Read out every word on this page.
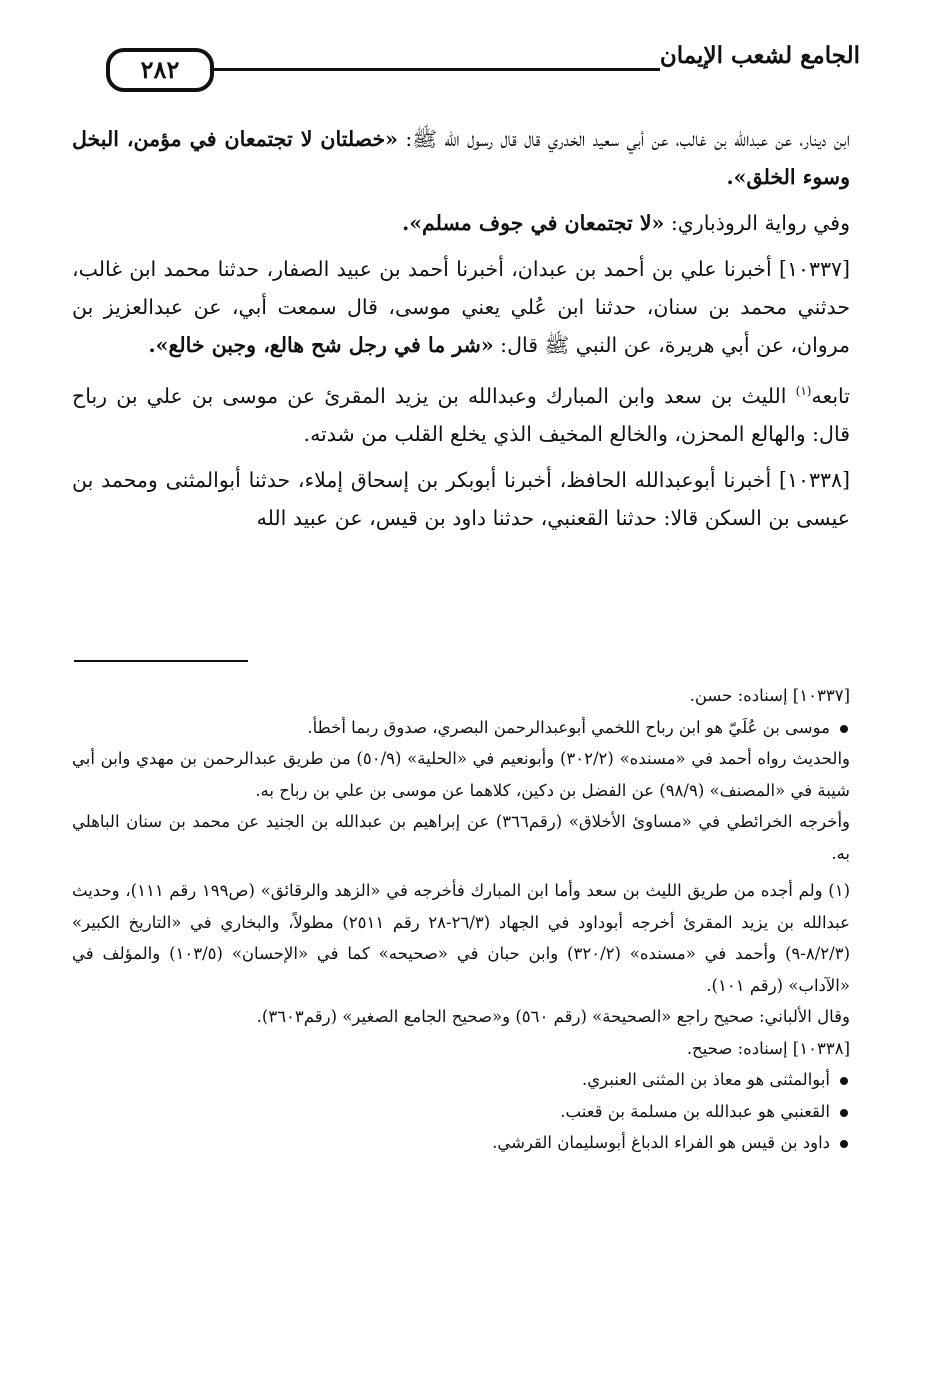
٢٨٢	الجامع لشعب الإيمان

ابن دينار، عن عبدالله بن غالب، عن أبي سعيد الخدري قال قال رسول الله ﷺ: «خصلتان لا تجتمعان في مؤمن، البخل وسوء الخلق».

وفي رواية الروذباري: «لا تجتمعان في جوف مسلم».

[١٠٣٣٧] أخبرنا علي بن أحمد بن عبدان، أخبرنا أحمد بن عبيد الصفار، حدثنا محمد ابن غالب، حدثني محمد بن سنان، حدثنا ابن عُلي يعني موسى، قال سمعت أبي، عن عبدالعزيز بن مروان، عن أبي هريرة، عن النبي ﷺ قال: «شر ما في رجل شح هالع، وجبن خالع».

تابعه$^{(١)}$ الليث بن سعد وابن المبارك وعبدالله بن يزيد المقرئ عن موسى بن علي بن رباح قال: والهالع المحزن، والخالع المخيف الذي يخلع القلب من شدته.

[١٠٣٣٨] أخبرنا أبوعبدالله الحافظ، أخبرنا أبوبكر بن إسحاق إملاء، حدثنا أبوالمثنى ومحمد بن عيسى بن السكن قالا: حدثنا القعنبي، حدثنا داود بن قيس، عن عبيد الله

[١٠٣٣٧] إسناده: حسن.

موسى بن عُلَيّ هو ابن رباح اللخمي أبوعبدالرحمن البصري، صدوق ربما أخطأ.

والحديث رواه أحمد في «مسنده» (٣٠٢/٢) وأبونعيم في «الحلية» (٥٠/٩) من طريق عبدالرحمن بن مهدي وابن أبي شيبة في «المصنف» (٩٨/٩) عن الفضل بن دكين، كلاهما عن موسى بن علي بن رباح به.

وأخرجه الخرائطي في «مساوئ الأخلاق» (رقم٣٦٦) عن إبراهيم بن عبدالله بن الجنيد عن محمد بن سنان الباهلي به.

(١) ولم أجده من طريق الليث بن سعد وأما ابن المبارك فأخرجه في «الزهد والرقائق» (ص١٩٩ رقم ١١١)، وحديث عبدالله بن يزيد المقرئ أخرجه أبوداود في الجهاد (٢٦/٣-٢٨ رقم ٢٥١١) مطولاً، والبخاري في «التاريخ الكبير» (٨/٢/٣-٩) وأحمد في «مسنده» (٣٢٠/٢) وابن حبان في «صحيحه» كما في «الإحسان» (١٠٣/٥) والمؤلف في «الآداب» (رقم ١٠١).

وقال الألباني: صحيح راجع «الصحيحة» (رقم ٥٦٠) و«صحيح الجامع الصغير» (رقم٣٦٠٣).

[١٠٣٣٨] إسناده: صحيح.

أبوالمثنى هو معاذ بن المثنى العنبري.
القعنبي هو عبدالله بن مسلمة بن قعنب.
داود بن قيس هو الفراء الدباغ أبوسليمان القرشي.
